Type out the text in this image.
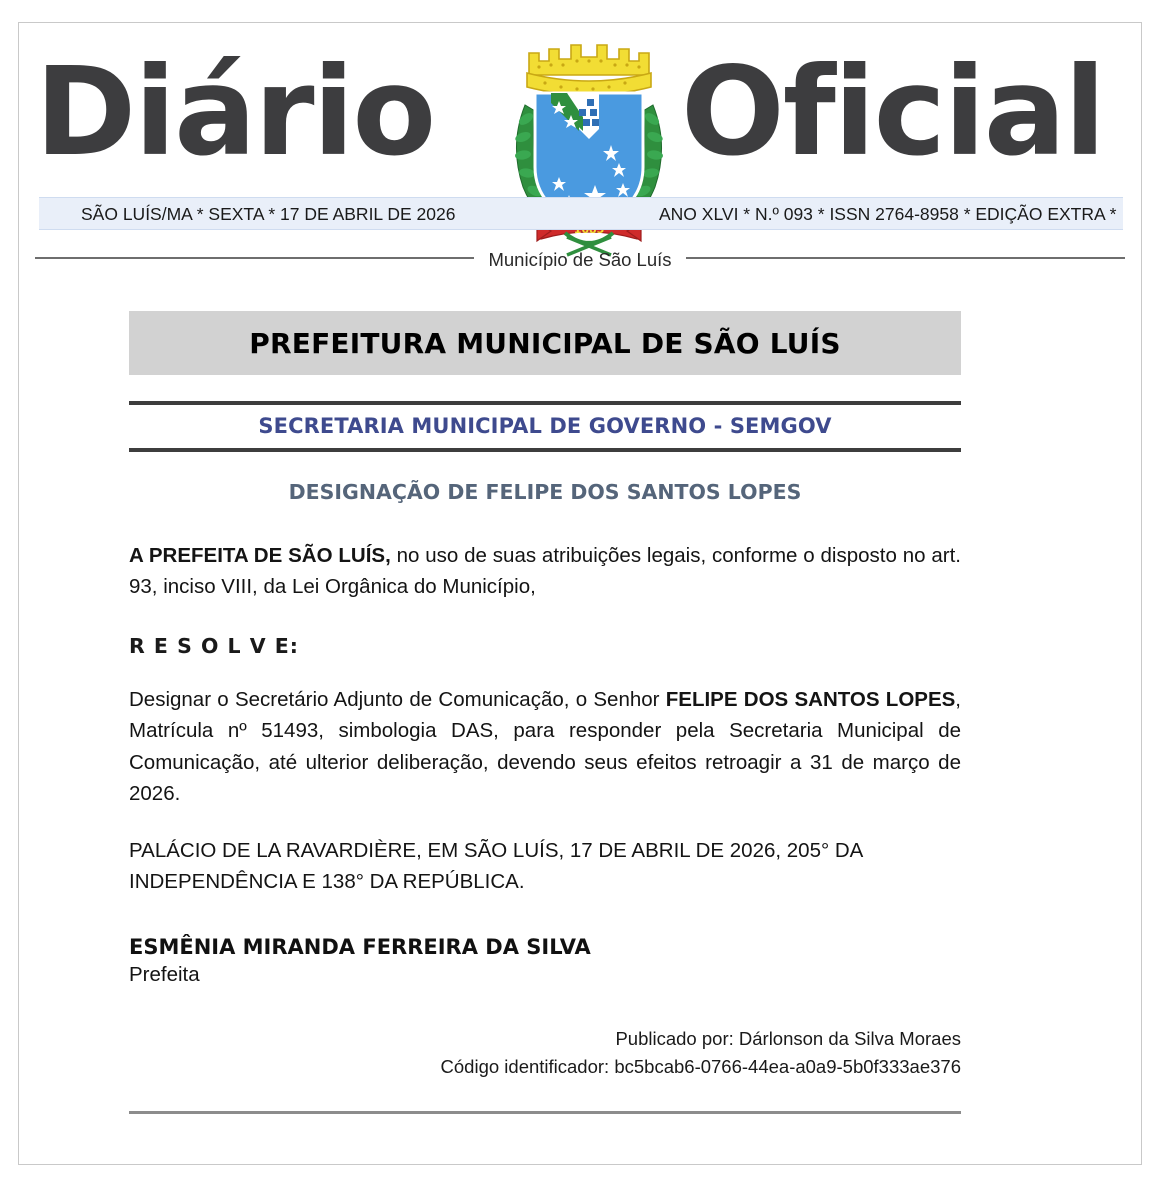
Diário Oficial
SÃO LUÍS/MA * SEXTA * 17 DE ABRIL DE 2026	ANO XLVI * N.º 093 * ISSN 2764-8958 * EDIÇÃO EXTRA *
Município de São Luís
PREFEITURA MUNICIPAL DE SÃO LUÍS
SECRETARIA MUNICIPAL DE GOVERNO - SEMGOV
DESIGNAÇÃO DE FELIPE DOS SANTOS LOPES

A PREFEITA DE SÃO LUÍS, no uso de suas atribuições legais, conforme o disposto no art. 93, inciso VIII, da Lei Orgânica do Município,

R E S O L V E:

Designar o Secretário Adjunto de Comunicação, o Senhor FELIPE DOS SANTOS LOPES, Matrícula nº 51493, simbologia DAS, para responder pela Secretaria Municipal de Comunicação, até ulterior deliberação, devendo seus efeitos retroagir a 31 de março de 2026.

PALÁCIO DE LA RAVARDIÈRE, EM SÃO LUÍS, 17 DE ABRIL DE 2026, 205° DA INDEPENDÊNCIA E 138° DA REPÚBLICA.

ESMÊNIA MIRANDA FERREIRA DA SILVA
Prefeita
Publicado por: Dárlonson da Silva Moraes
Código identificador: bc5bcab6-0766-44ea-a0a9-5b0f333ae376
